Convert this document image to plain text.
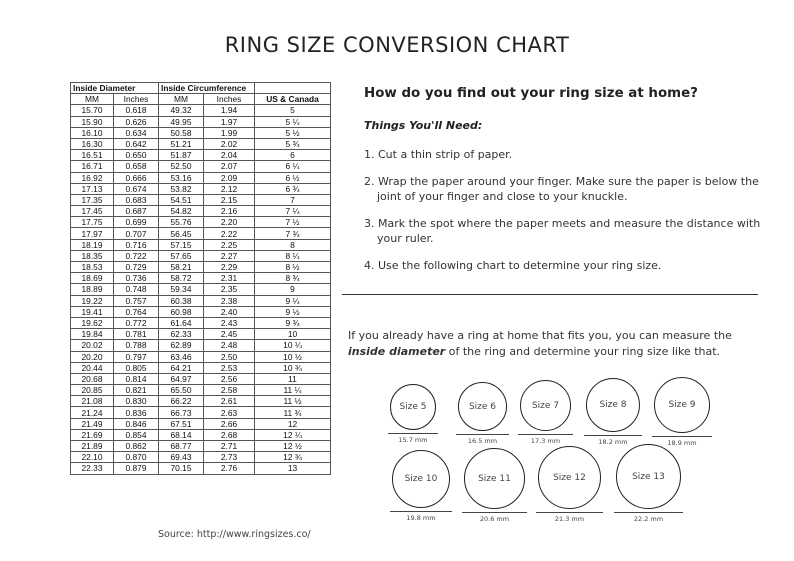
RING SIZE CONVERSION CHART
Inside Diameter		Inside Circumference		
MM	Inches	MM	Inches	US & Canada
15.70	0.618	49.32	1.94	5
15.90	0.626	49.95	1.97	5 ¼
16.10	0.634	50.58	1.99	5 ½
16.30	0.642	51.21	2.02	5 ¾
16.51	0.650	51.87	2.04	6
16.71	0.658	52.50	2.07	6 ¼
16.92	0.666	53.16	2.09	6 ½
17.13	0.674	53.82	2.12	6 ¾
17.35	0.683	54.51	2.15	7
17.45	0.687	54.82	2.16	7 ¼
17.75	0.699	55.76	2.20	7 ½
17.97	0.707	56.45	2.22	7 ¾
18.19	0.716	57.15	2.25	8
18.35	0.722	57.65	2.27	8 ¼
18.53	0.729	58.21	2.29	8 ½
18.69	0.736	58.72	2.31	8 ¾
18.89	0.748	59.34	2.35	9
19.22	0.757	60.38	2.38	9 ¼
19.41	0.764	60.98	2.40	9 ½
19.62	0.772	61.64	2.43	9 ¾
19.84	0.781	62.33	2.45	10
20.02	0.788	62.89	2.48	10 ¼
20.20	0.797	63.46	2.50	10 ½
20.44	0.805	64.21	2.53	10 ¾
20.68	0.814	64.97	2.56	11
20.85	0.821	65.50	2.58	11 ¼
21.08	0.830	66.22	2.61	11 ½
21.24	0.836	66.73	2.63	11 ¾
21.49	0.846	67.51	2.66	12
21.69	0.854	68.14	2.68	12 ¼
21.89	0.862	68.77	2.71	12 ½
22.10	0.870	69.43	2.73	12 ¾
22.33	0.879	70.15	2.76	13
Source: http://www.ringsizes.co/
How do you find out your ring size at home?
Things You'll Need:
1. Cut a thin strip of paper.
2. Wrap the paper around your finger. Make sure the paper is below the joint of your finger and close to your knuckle.
3. Mark the spot where the paper meets and measure the distance with your ruler.
4. Use the following chart to determine your ring size.
If you already have a ring at home that fits you, you can measure the inside diameter of the ring and determine your ring size like that.
Size 5
15.7 mm
Size 6
16.5 mm
Size 7
17.3 mm
Size 8
18.2 mm
Size 9
18.9 mm
Size 10
19.8 mm
Size 11
20.6 mm
Size 12
21.3 mm
Size 13
22.2 mm
